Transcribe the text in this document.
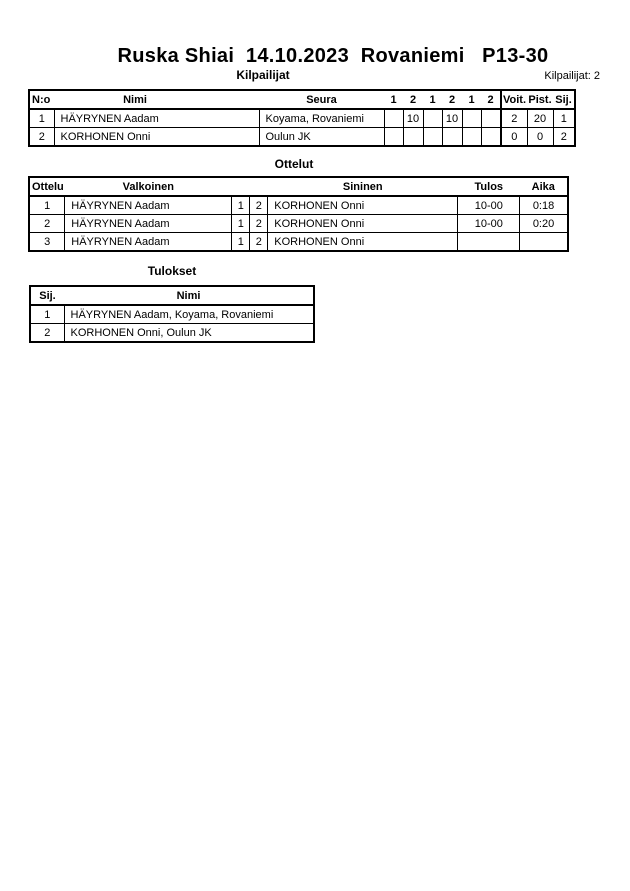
Ruska Shiai  14.10.2023  Rovaniemi   P13-30
Kilpailijat	Kilpailijat: 2
N:o	Nimi	Seura	1	2	1	2	1	2	Voit.	Pist.	Sij.
1	HÄYRYNEN Aadam	Koyama, Rovaniemi		10		10			2	20	1
2	KORHONEN Onni	Oulun JK							0	0	2
Ottelut
Ottelu	Valkoinen			Sininen	Tulos	Aika
1	HÄYRYNEN Aadam	1	2	KORHONEN Onni	10-00	0:18
2	HÄYRYNEN Aadam	1	2	KORHONEN Onni	10-00	0:20
3	HÄYRYNEN Aadam	1	2	KORHONEN Onni		
Tulokset
Sij.	Nimi
1	HÄYRYNEN Aadam, Koyama, Rovaniemi
2	KORHONEN Onni, Oulun JK
